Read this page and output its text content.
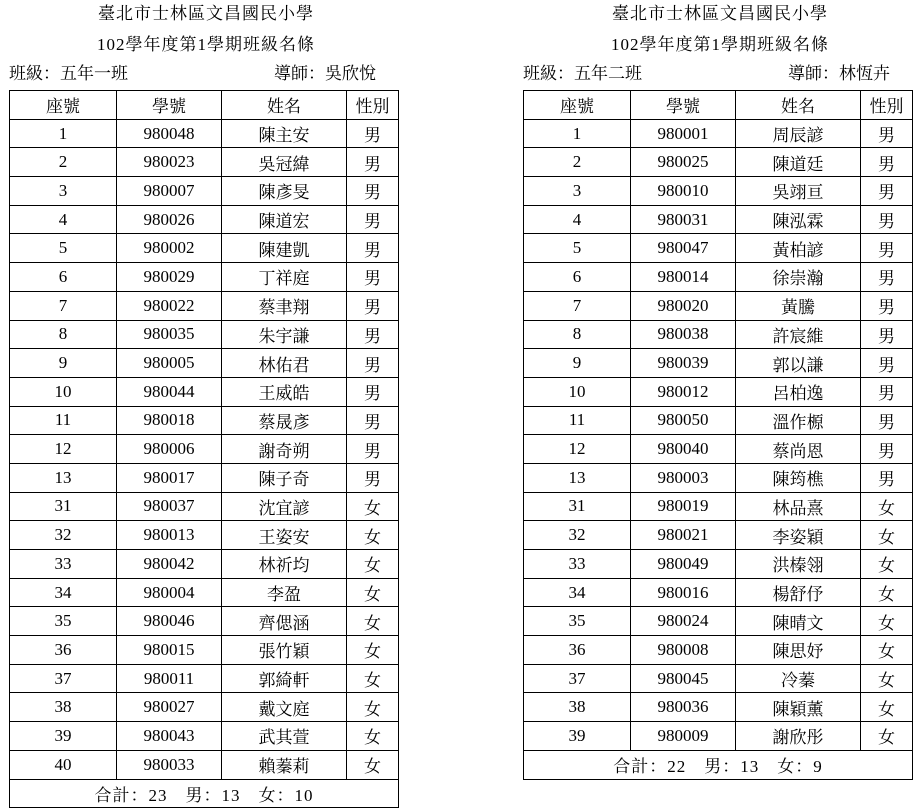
臺北市士林區文昌國民小學
102學年度第1學期班級名條
班級：五年一班	導師：吳欣悅
座號	學號	姓名	性別
1	980048	陳主安	男
2	980023	吳冠緯	男
3	980007	陳彥旻	男
4	980026	陳道宏	男
5	980002	陳建凱	男
6	980029	丁祥庭	男
7	980022	蔡聿翔	男
8	980035	朱宇謙	男
9	980005	林佑君	男
10	980044	王威皓	男
11	980018	蔡晟彥	男
12	980006	謝奇朔	男
13	980017	陳子奇	男
31	980037	沈宜諺	女
32	980013	王姿安	女
33	980042	林祈均	女
34	980004	李盈	女
35	980046	齊偲涵	女
36	980015	張竹穎	女
37	980011	郭綺軒	女
38	980027	戴文庭	女
39	980043	武其萱	女
40	980033	賴蓁莉	女
合計：23　男：13　女：10			
臺北市士林區文昌國民小學
102學年度第1學期班級名條
班級：五年二班	導師：林恆卉
座號	學號	姓名	性別
1	980001	周辰諺	男
2	980025	陳道廷	男
3	980010	吳翊亘	男
4	980031	陳泓霖	男
5	980047	黃柏諺	男
6	980014	徐崇瀚	男
7	980020	黃騰	男
8	980038	許宸維	男
9	980039	郭以謙	男
10	980012	呂柏逸	男
11	980050	溫作榞	男
12	980040	蔡尚恩	男
13	980003	陳筠樵	男
31	980019	林品熹	女
32	980021	李姿穎	女
33	980049	洪榛翎	女
34	980016	楊舒伃	女
35	980024	陳晴文	女
36	980008	陳思妤	女
37	980045	冷蓁	女
38	980036	陳穎薰	女
39	980009	謝欣彤	女
合計：22　男：13　女：9			
